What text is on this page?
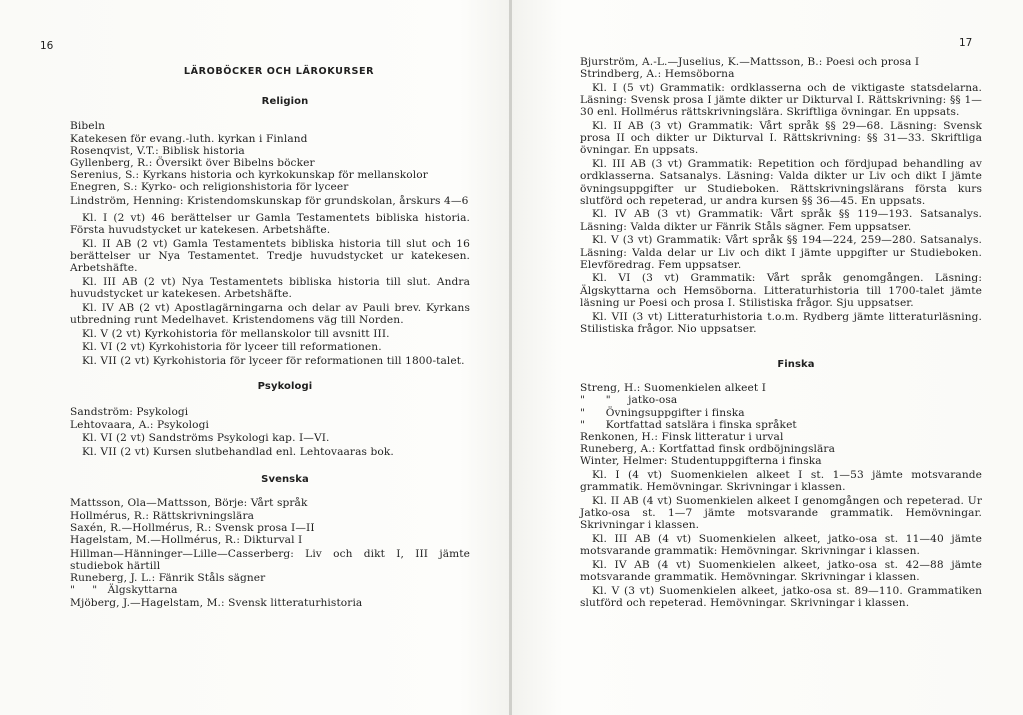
16
LÄROBÖCKER OCH LÄROKURSER
Religion
Bibeln
Katekesen för evang.-luth. kyrkan i Finland
Rosenqvist, V.T.: Biblisk historia
Gyllenberg, R.: Översikt över Bibelns böcker
Serenius, S.: Kyrkans historia och kyrkokunskap för mellanskolor
Enegren, S.: Kyrko- och religionshistoria för lyceer
Lindström, Henning: Kristendomskunskap för grundskolan, årskurs 4—6
Kl. I (2 vt) 46 berättelser ur Gamla Testamentets bibliska historia. Första huvudstycket ur katekesen. Arbetshäfte.
Kl. II AB (2 vt) Gamla Testamentets bibliska historia till slut och 16 berättelser ur Nya Testamentet. Tredje huvudstycket ur katekesen. Arbetshäfte.
Kl. III AB (2 vt) Nya Testamentets bibliska historia till slut. Andra huvudstycket ur katekesen. Arbetshäfte.
Kl. IV AB (2 vt) Apostlagärningarna och delar av Pauli brev. Kyrkans utbredning runt Medelhavet. Kristendomens väg till Norden.
Kl. V (2 vt) Kyrkohistoria för mellanskolor till avsnitt III.
Kl. VI (2 vt) Kyrkohistoria för lyceer till reformationen.
Kl. VII (2 vt) Kyrkohistoria för lyceer för reformationen till 1800-talet.
Psykologi
Sandström: Psykologi
Lehtovaara, A.: Psykologi
Kl. VI (2 vt) Sandströms Psykologi kap. I—VI.
Kl. VII (2 vt) Kursen slutbehandlad enl. Lehtovaaras bok.
Svenska
Mattsson, Ola—Mattsson, Börje: Vårt språk
Hollmérus, R.: Rättskrivningslära
Saxén, R.—Hollmérus, R.: Svensk prosa I—II
Hagelstam, M.—Hollmérus, R.: Dikturval I
Hillman—Hänninger—Lille—Casserberg: Liv och dikt I, III jämte studiebok härtill
Runeberg, J. L.: Fänrik Ståls sägner
"     "   Älgskyttarna
Mjöberg, J.—Hagelstam, M.: Svensk litteraturhistoria
17
Bjurström, A.-L.—Juselius, K.—Mattsson, B.: Poesi och prosa I
Strindberg, A.: Hemsöborna
Kl. I (5 vt) Grammatik: ordklasserna och de viktigaste statsdelarna. Läsning: Svensk prosa I jämte dikter ur Dikturval I. Rättskrivning: §§ 1—30 enl. Hollmérus rättskrivningslära. Skriftliga övningar. En uppsats.
Kl. II AB (3 vt) Grammatik: Vårt språk §§ 29—68. Läsning: Svensk prosa II och dikter ur Dikturval I. Rättskrivning: §§ 31—33. Skriftliga övningar. En uppsats.
Kl. III AB (3 vt) Grammatik: Repetition och fördjupad behandling av ordklasserna. Satsanalys. Läsning: Valda dikter ur Liv och dikt I jämte övningsuppgifter ur Studieboken. Rättskrivningslärans första kurs slutförd och repeterad, ur andra kursen §§ 36—45. En uppsats.
Kl. IV AB (3 vt) Grammatik: Vårt språk §§ 119—193. Satsanalys. Läsning: Valda dikter ur Fänrik Ståls sägner. Fem uppsatser.
Kl. V (3 vt) Grammatik: Vårt språk §§ 194—224, 259—280. Satsanalys. Läsning: Valda delar ur Liv och dikt I jämte uppgifter ur Studieboken. Elevföredrag. Fem uppsatser.
Kl. VI (3 vt) Grammatik: Vårt språk genomgången. Läsning: Älgskyttarna och Hemsöborna. Litteraturhistoria till 1700-talet jämte läsning ur Poesi och prosa I. Stilistiska frågor. Sju uppsatser.
Kl. VII (3 vt) Litteraturhistoria t.o.m. Rydberg jämte litteraturläsning. Stilistiska frågor. Nio uppsatser.
Finska
Streng, H.: Suomenkielen alkeet I
"      "     jatko-osa
"      Övningsuppgifter i finska
"      Kortfattad satslära i finska språket
Renkonen, H.: Finsk litteratur i urval
Runeberg, A.: Kortfattad finsk ordböjningslära
Winter, Helmer: Studentuppgifterna i finska
Kl. I (4 vt) Suomenkielen alkeet I st. 1—53 jämte motsvarande grammatik. Hemövningar. Skrivningar i klassen.
Kl. II AB (4 vt) Suomenkielen alkeet I genomgången och repeterad. Ur Jatko-osa st. 1—7 jämte motsvarande grammatik. Hemövningar. Skrivningar i klassen.
Kl. III AB (4 vt) Suomenkielen alkeet, jatko-osa st. 11—40 jämte motsvarande grammatik: Hemövningar. Skrivningar i klassen.
Kl. IV AB (4 vt) Suomenkielen alkeet, jatko-osa st. 42—88 jämte motsvarande grammatik. Hemövningar. Skrivningar i klassen.
Kl. V (3 vt) Suomenkielen alkeet, jatko-osa st. 89—110. Grammatiken slutförd och repeterad. Hemövningar. Skrivningar i klassen.
